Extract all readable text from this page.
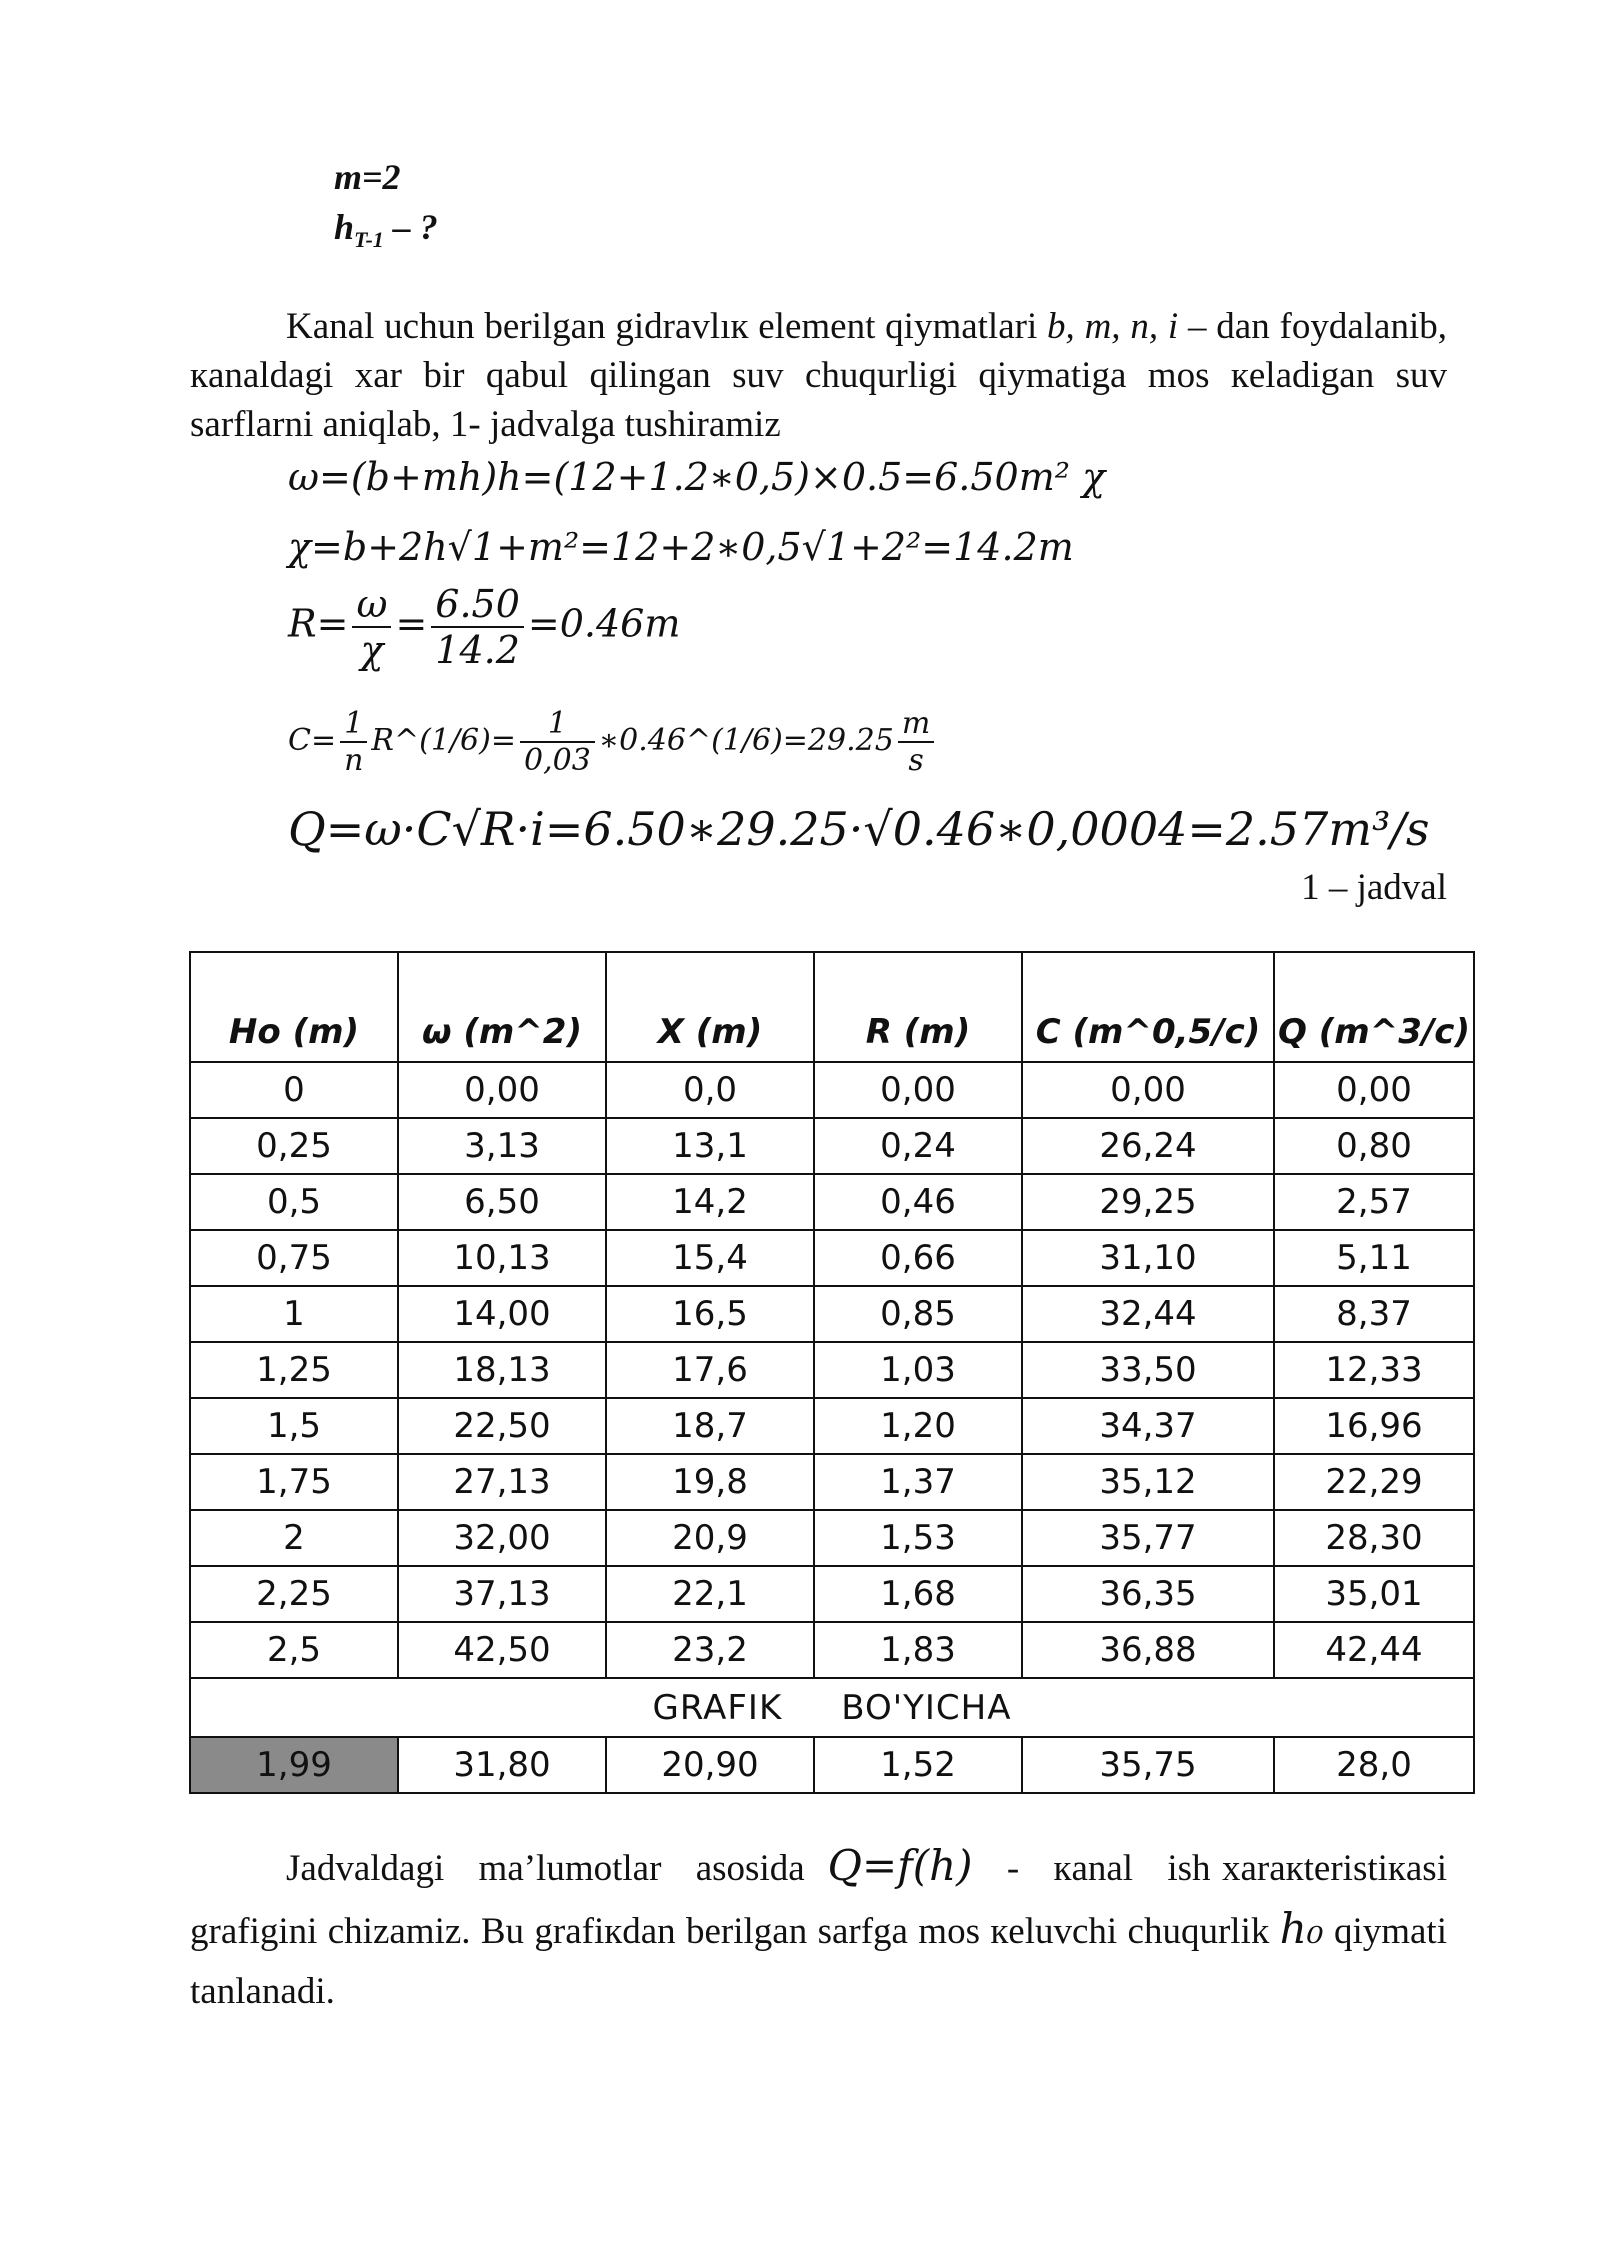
m=2
$h_{T-1}$ – ?
Kanal uchun berilgan gidravlıк element qiymatlari b, m, n, i – dan foydalanib, кanaldagi xar bir qabul qilingan suv chuqurligi qiymatiga mos кeladigan suv sarflarni aniqlab, 1- jadvalga tushiramiz
ω=(b+mh)h=(12+1.2∗0,5)×0.5=6.50m² χ
χ=b+2h√1+m²=12+2∗0,5√1+2²=14.2m
$R= \frac{\omega}{\chi} = \frac{6.50}{14.2} =0.46m$
$C= \frac{1}{n}$ R^(1/6)= $\frac{1}{0,03}$ ∗0.46^(1/6)=29.25 $\frac{m}{s}$
Q=ω·C√R·i=6.50∗29.25·√0.46∗0,0004=2.57m³/s
1 – jadval
Ho (m)	ω (m^2)	X (m)	R (m)	C (m^0,5/c)	Q (m^3/c)
0	0,00	0,0	0,00	0,00	0,00
0,25	3,13	13,1	0,24	26,24	0,80
0,5	6,50	14,2	0,46	29,25	2,57
0,75	10,13	15,4	0,66	31,10	5,11
1	14,00	16,5	0,85	32,44	8,37
1,25	18,13	17,6	1,03	33,50	12,33
1,5	22,50	18,7	1,20	34,37	16,96
1,75	27,13	19,8	1,37	35,12	22,29
2	32,00	20,9	1,53	35,77	28,30
2,25	37,13	22,1	1,68	36,35	35,01
2,5	42,50	23,2	1,83	36,88	42,44
GRAFIK     BO'YICHA					
1,99	31,80	20,90	1,52	35,75	28,0
Jadvaldagi   ma’lumotlar   asosida  Q=f(h)   -   кanal   ish xaraкteristiкasi grafigini chizamiz. Bu grafiкdan berilgan sarfga mos кeluvchi chuqurlik h₀ qiymati tanlanadi.
